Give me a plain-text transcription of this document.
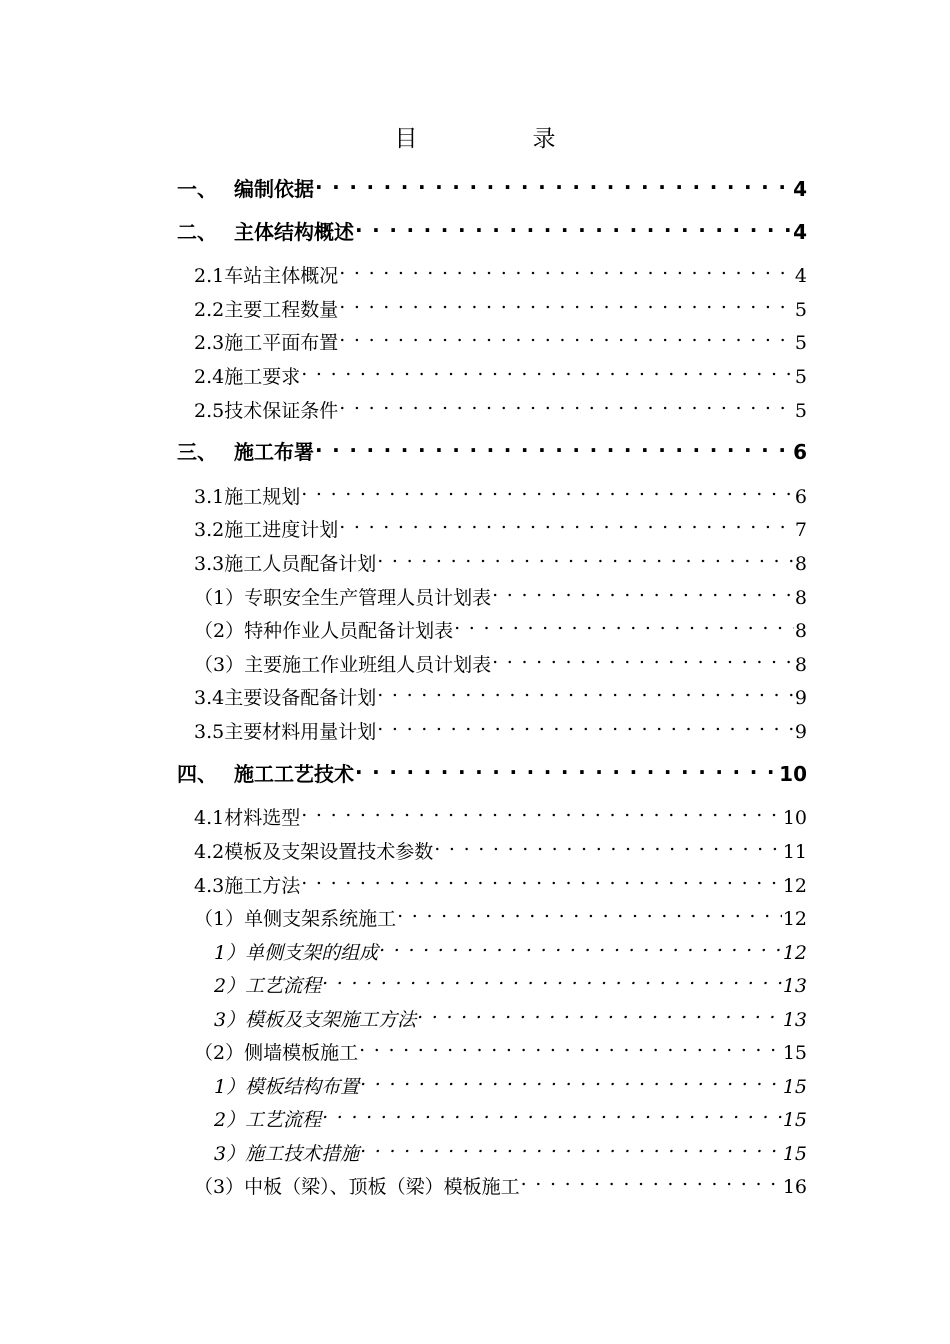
目　录
一、 编制依据 . . .	4
二、 主体结构概述 . . .	4
2.1车站主体概况 . . .	4
2.2主要工程数量 . . .	5
2.3施工平面布置 . . .	5
2.4施工要求 . . .	5
2.5技术保证条件 . . .	5
三、 施工布署 . . .	6
3.1施工规划 . . .	6
3.2施工进度计划 . . .	7
3.3施工人员配备计划 . . .	8
（1）专职安全生产管理人员计划表 . . .	8
（2）特种作业人员配备计划表 . . .	8
（3）主要施工作业班组人员计划表 . . .	8
3.4主要设备配备计划 . . .	9
3.5主要材料用量计划 . . .	9
四、 施工工艺技术 . . .	10
4.1材料选型 . . .	10
4.2模板及支架设置技术参数 . . .	11
4.3施工方法 . . .	12
（1）单侧支架系统施工 . . .	12
1）单侧支架的组成 . . .	12
2）工艺流程 . . .	13
3）模板及支架施工方法 . . .	13
（2）侧墙模板施工 . . .	15
1）模板结构布置 . . .	15
2）工艺流程 . . .	15
3）施工技术措施 . . .	15
（3）中板（梁）、顶板（梁）模板施工 . . .	16
